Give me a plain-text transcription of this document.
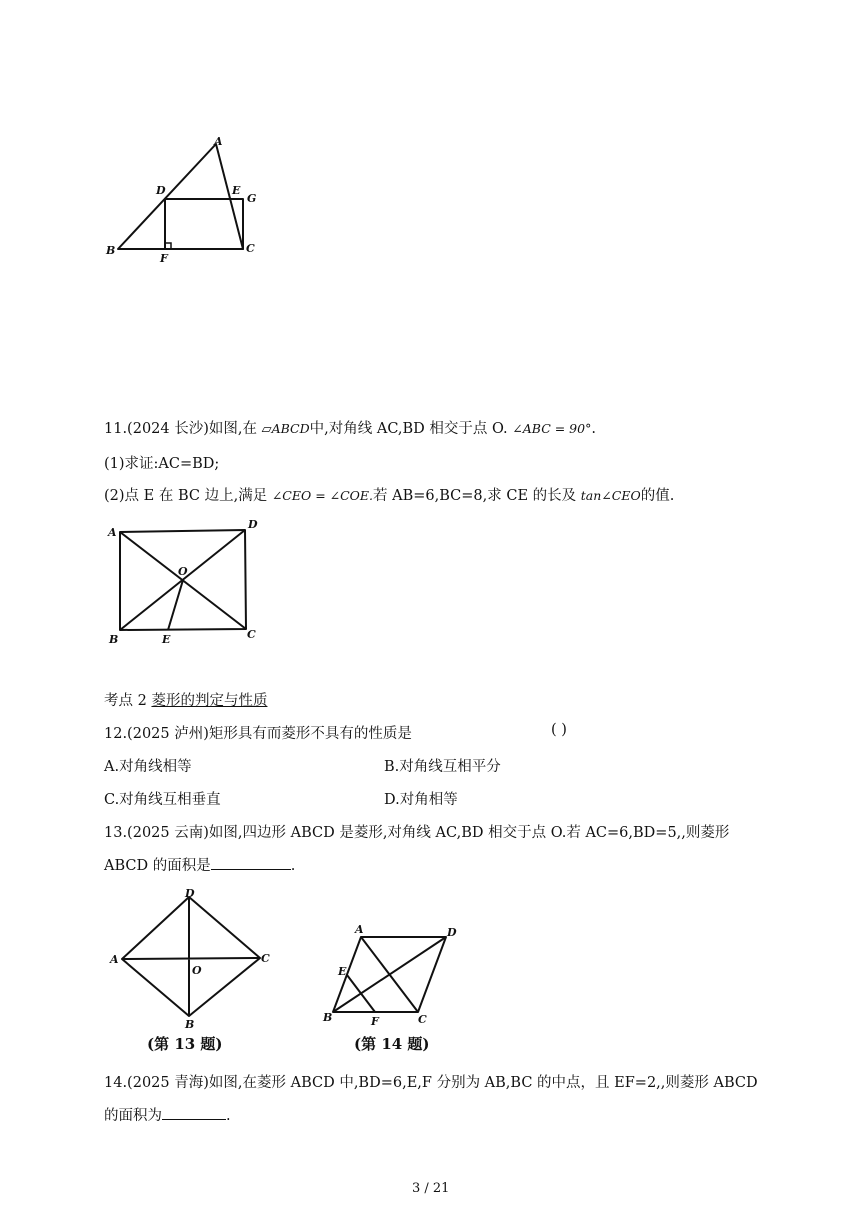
A
D	E
G
B
F
C
11.(2024 长沙)如图,在 ▱ABCD中,对角线 AC,BD 相交于点 O. ∠ABC = 90°.
(1)求证:AC=BD;
(2)点 E 在 BC 边上,满足 ∠CEO = ∠COE.若 AB=6,BC=8,求 CE 的长及 tan∠CEO的值.
A
D
O
B	E	C
考点 2 菱形的判定与性质
12.(2025 泸州)矩形具有而菱形不具有的性质是	( )
A.对角线相等	B.对角线互相平分
C.对角线互相垂直	D.对角相等
13.(2025 云南)如图,四边形 ABCD 是菱形,对角线 AC,BD 相交于点 O.若 AC=6,BD=5,,则菱形
ABCD 的面积是	.
D
A
O
C
B
(第 13 题)
A	D
E
B	F	C
(第 14 题)
14.(2025 青海)如图,在菱形 ABCD 中,BD=6,E,F 分别为 AB,BC 的中点，且 EF=2,,则菱形 ABCD
的面积为	.
3 / 21
